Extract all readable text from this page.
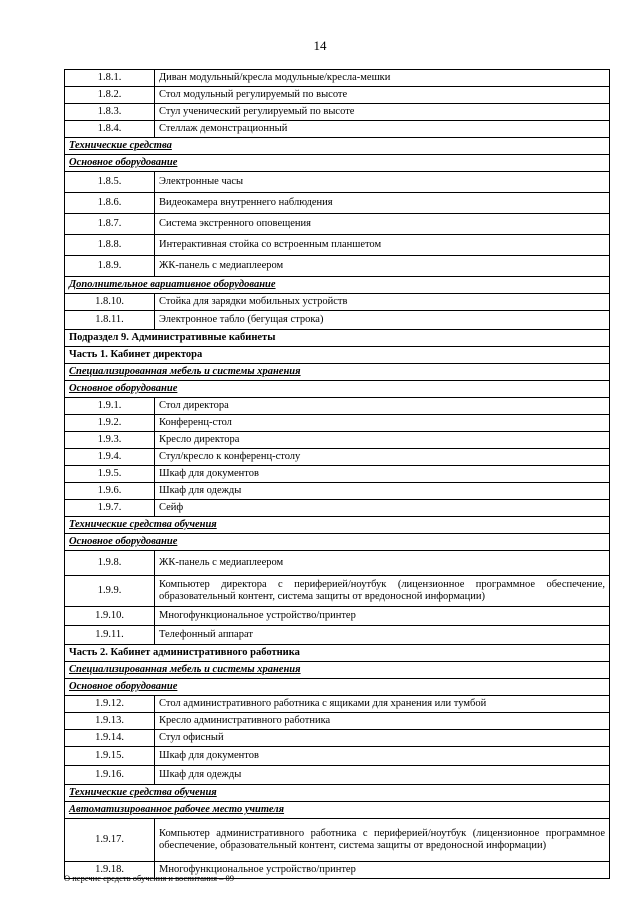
14
1.8.1.	Диван модульный/кресла модульные/кресла-мешки
1.8.2.	Стол модульный регулируемый по высоте
1.8.3.	Стул ученический регулируемый по высоте
1.8.4.	Стеллаж демонстрационный
Технические средства	
Основное оборудование	
1.8.5.	Электронные часы
1.8.6.	Видеокамера внутреннего наблюдения
1.8.7.	Система экстренного оповещения
1.8.8.	Интерактивная стойка со встроенным планшетом
1.8.9.	ЖК-панель с медиаплеером
Дополнительное вариативное оборудование	
1.8.10.	Стойка для зарядки мобильных устройств
1.8.11.	Электронное табло (бегущая строка)
Подраздел 9. Административные кабинеты	
Часть 1. Кабинет директора	
Специализированная мебель и системы хранения	
Основное оборудование	
1.9.1.	Стол директора
1.9.2.	Конференц-стол
1.9.3.	Кресло директора
1.9.4.	Стул/кресло к конференц-столу
1.9.5.	Шкаф для документов
1.9.6.	Шкаф для одежды
1.9.7.	Сейф
Технические средства обучения	
Основное оборудование	
1.9.8.	ЖК-панель с медиаплеером
1.9.9.	Компьютер директора с периферией/ноутбук (лицензионное программное обеспечение, образовательный контент, система защиты от вредоносной информации)
1.9.10.	Многофункциональное устройство/принтер
1.9.11.	Телефонный аппарат
Часть 2. Кабинет административного работника	
Специализированная мебель и системы хранения	
Основное оборудование	
1.9.12.	Стол административного работника с ящиками для хранения или тумбой
1.9.13.	Кресло административного работника
1.9.14.	Стул офисный
1.9.15.	Шкаф для документов
1.9.16.	Шкаф для одежды
Технические средства обучения	
Автоматизированное рабочее место учителя	
1.9.17.	Компьютер административного работника с периферией/ноутбук (лицензионное программное обеспечение, образовательный контент, система защиты от вредоносной информации)
1.9.18.	Многофункциональное устройство/принтер
О перечне средств обучения и воспитания – 09
